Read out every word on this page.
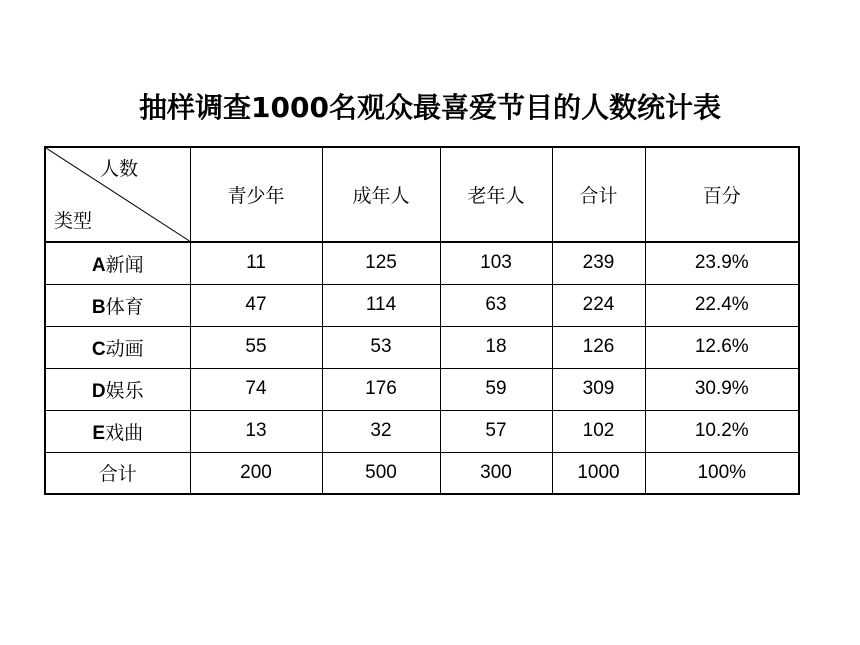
抽样调查1000名观众最喜爱节目的人数统计表
人数
类型	青少年	成年人	老年人	合计	百分
A新闻	11	125	103	239	23.9%
B体育	47	114	63	224	22.4%
C动画	55	53	18	126	12.6%
D娱乐	74	176	59	309	30.9%
E戏曲	13	32	57	102	10.2%
合计	200	500	300	1000	100%
